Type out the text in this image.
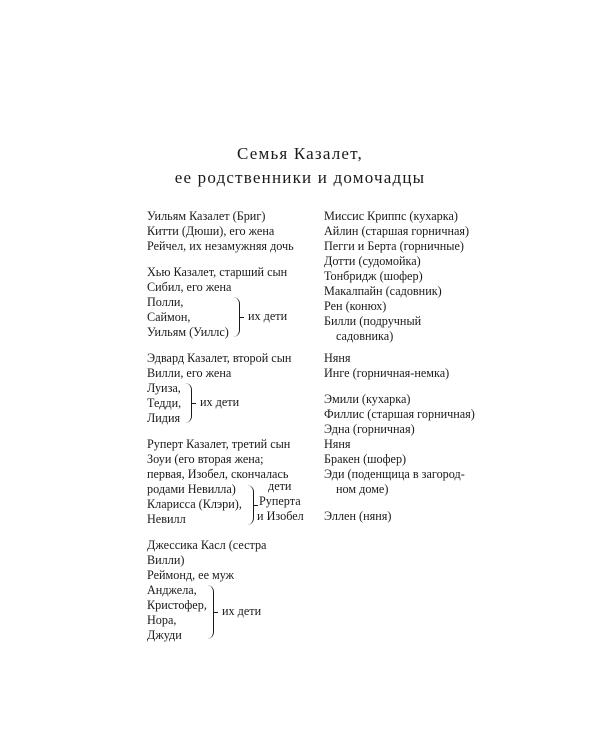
Семья Казалет,
ее родственники и домочадцы
Уильям Казалет (Бриг)
Китти (Дюши), его жена
Рейчел, их незамужняя дочь
Хью Казалет, старший сын
Сибил, его жена
Полли,
Саймон,
Уильям (Уиллс)
их дети
Эдвард Казалет, второй сын
Вилли, его жена
Луиза,
Тедди,
Лидия
их дети
Руперт Казалет, третий сын
Зоуи (его вторая жена;
первая, Изобел, скончалась
родами Невилла)
Кларисса (Клэри),
Невилл
дети
Руперта
и Изобел
Джессика Касл (сестра
Вилли)
Реймонд, ее муж
Анджела,
Кристофер,
Нора,
Джуди
их дети
Миссис Криппс (кухарка)
Айлин (старшая горничная)
Пегги и Берта (горничные)
Дотти (судомойка)
Тонбридж (шофер)
Макалпайн (садовник)
Рен (конюх)
Билли (подручный
садовника)
Няня
Инге (горничная-немка)
Эмили (кухарка)
Филлис (старшая горничная)
Эдна (горничная)
Няня
Бракен (шофер)
Эди (поденщица в загород-
ном доме)
Эллен (няня)
